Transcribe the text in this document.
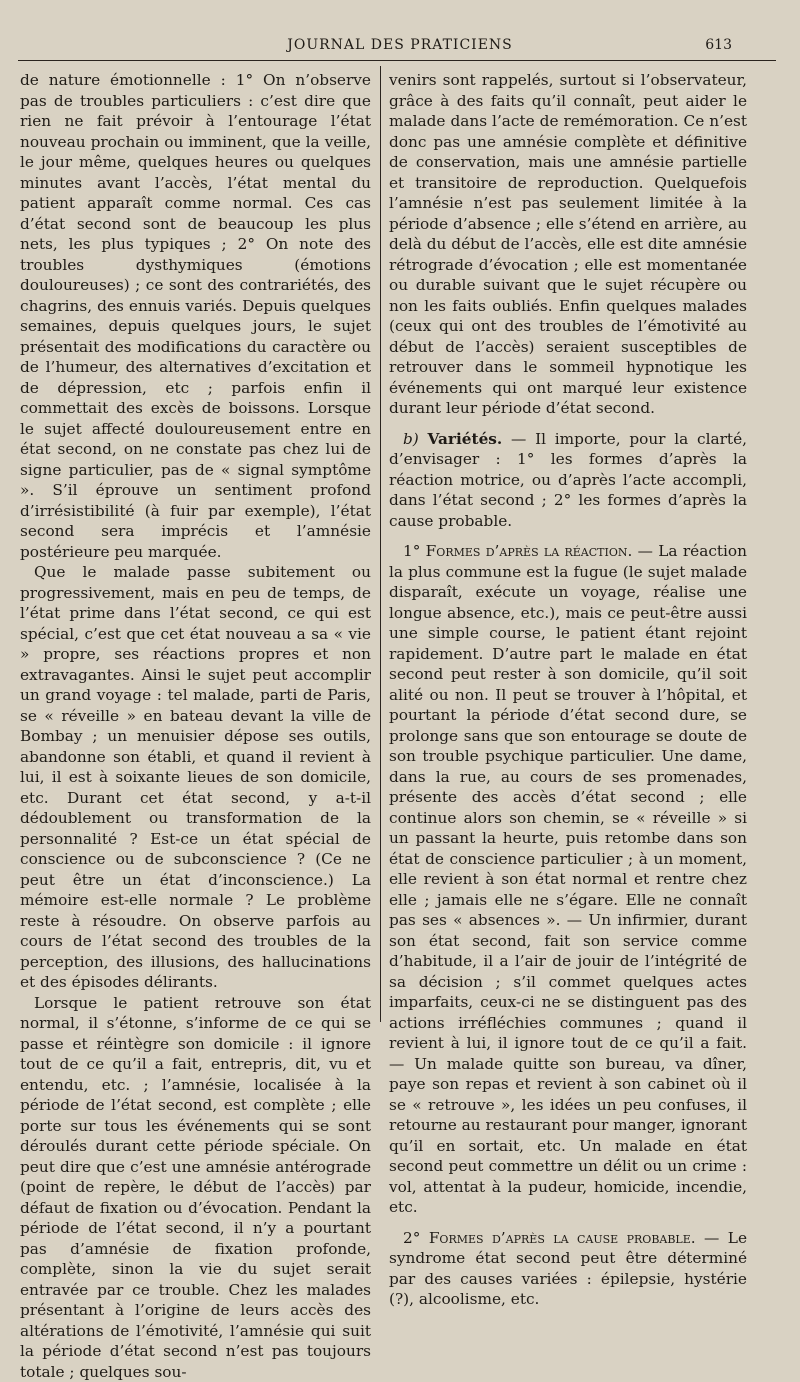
JOURNAL DES PRATICIENS	613

de nature émotionnelle : 1° On n’observe pas de troubles particuliers : c’est dire que rien ne fait prévoir à l’entourage l’état nouveau prochain ou imminent, que la veille, le jour même, quelques heures ou quelques minutes avant l’accès, l’état mental du patient apparaît comme normal. Ces cas d’état second sont de beaucoup les plus nets, les plus typiques ; 2° On note des troubles dysthymiques (émotions douloureuses) ; ce sont des contrariétés, des chagrins, des ennuis variés. Depuis quelques semaines, depuis quelques jours, le sujet présentait des modifications du caractère ou de l’humeur, des alternatives d’excitation et de dépression, etc ; parfois enfin il commettait des excès de boissons. Lorsque le sujet affecté douloureusement entre en état second, on ne constate pas chez lui de signe particulier, pas de « signal symptôme ». S’il éprouve un sentiment profond d’irrésistibilité (à fuir par exemple), l’état second sera imprécis et l’amnésie postérieure peu marquée.

Que le malade passe subitement ou progressivement, mais en peu de temps, de l’état prime dans l’état second, ce qui est spécial, c’est que cet état nouveau a sa « vie » propre, ses réactions propres et non extravagantes. Ainsi le sujet peut accomplir un grand voyage : tel malade, parti de Paris, se « réveille » en bateau devant la ville de Bombay ; un menuisier dépose ses outils, abandonne son établi, et quand il revient à lui, il est à soixante lieues de son domicile, etc. Durant cet état second, y a-t-il dédoublement ou transformation de la personnalité ? Est-ce un état spécial de conscience ou de subconscience ? (Ce ne peut être un état d’inconscience.) La mémoire est-elle normale ? Le problème reste à résoudre. On observe parfois au cours de l’état second des troubles de la perception, des illusions, des hallucinations et des épisodes délirants.

Lorsque le patient retrouve son état normal, il s’étonne, s’informe de ce qui se passe et réintègre son domicile : il ignore tout de ce qu’il a fait, entrepris, dit, vu et entendu, etc. ; l’amnésie, localisée à la période de l’état second, est complète ; elle porte sur tous les événements qui se sont déroulés durant cette période spéciale. On peut dire que c’est une amnésie antérograde (point de repère, le début de l’accès) par défaut de fixation ou d’évocation. Pendant la période de l’état second, il n’y a pourtant pas d’amnésie de fixation profonde, complète, sinon la vie du sujet serait entravée par ce trouble. Chez les malades présentant à l’origine de leurs accès des altérations de l’émotivité, l’amnésie qui suit la période d’état second n’est pas toujours totale ; quelques sou-

venirs sont rappelés, surtout si l’observateur, grâce à des faits qu’il connaît, peut aider le malade dans l’acte de remémoration. Ce n’est donc pas une amnésie complète et définitive de conservation, mais une amnésie partielle et transitoire de reproduction. Quelquefois l’amnésie n’est pas seulement limitée à la période d’absence ; elle s’étend en arrière, au delà du début de l’accès, elle est dite amnésie rétrograde d’évocation ; elle est momentanée ou durable suivant que le sujet récupère ou non les faits oubliés. Enfin quelques malades (ceux qui ont des troubles de l’émotivité au début de l’accès) seraient susceptibles de retrouver dans le sommeil hypnotique les événements qui ont marqué leur existence durant leur période d’état second.

b) Variétés. — Il importe, pour la clarté, d’envisager : 1° les formes d’après la réaction motrice, ou d’après l’acte accompli, dans l’état second ; 2° les formes d’après la cause probable.

1° Formes d’après la réaction. — La réaction la plus commune est la fugue (le sujet malade disparaît, exécute un voyage, réalise une longue absence, etc.), mais ce peut-être aussi une simple course, le patient étant rejoint rapidement. D’autre part le malade en état second peut rester à son domicile, qu’il soit alité ou non. Il peut se trouver à l’hôpital, et pourtant la période d’état second dure, se prolonge sans que son entourage se doute de son trouble psychique particulier. Une dame, dans la rue, au cours de ses promenades, présente des accès d’état second ; elle continue alors son chemin, se « réveille » si un passant la heurte, puis retombe dans son état de conscience particulier ; à un moment, elle revient à son état normal et rentre chez elle ; jamais elle ne s’égare. Elle ne connaît pas ses « absences ». — Un infirmier, durant son état second, fait son service comme d’habitude, il a l’air de jouir de l’intégrité de sa décision ; s’il commet quelques actes imparfaits, ceux-ci ne se distinguent pas des actions irréfléchies communes ; quand il revient à lui, il ignore tout de ce qu’il a fait. — Un malade quitte son bureau, va dîner, paye son repas et revient à son cabinet où il se « retrouve », les idées un peu confuses, il retourne au restaurant pour manger, ignorant qu’il en sortait, etc. Un malade en état second peut commettre un délit ou un crime : vol, attentat à la pudeur, homicide, incendie, etc.

2° Formes d’après la cause probable. — Le syndrome état second peut être déterminé par des causes variées : épilepsie, hystérie (?), alcoolisme, etc.
